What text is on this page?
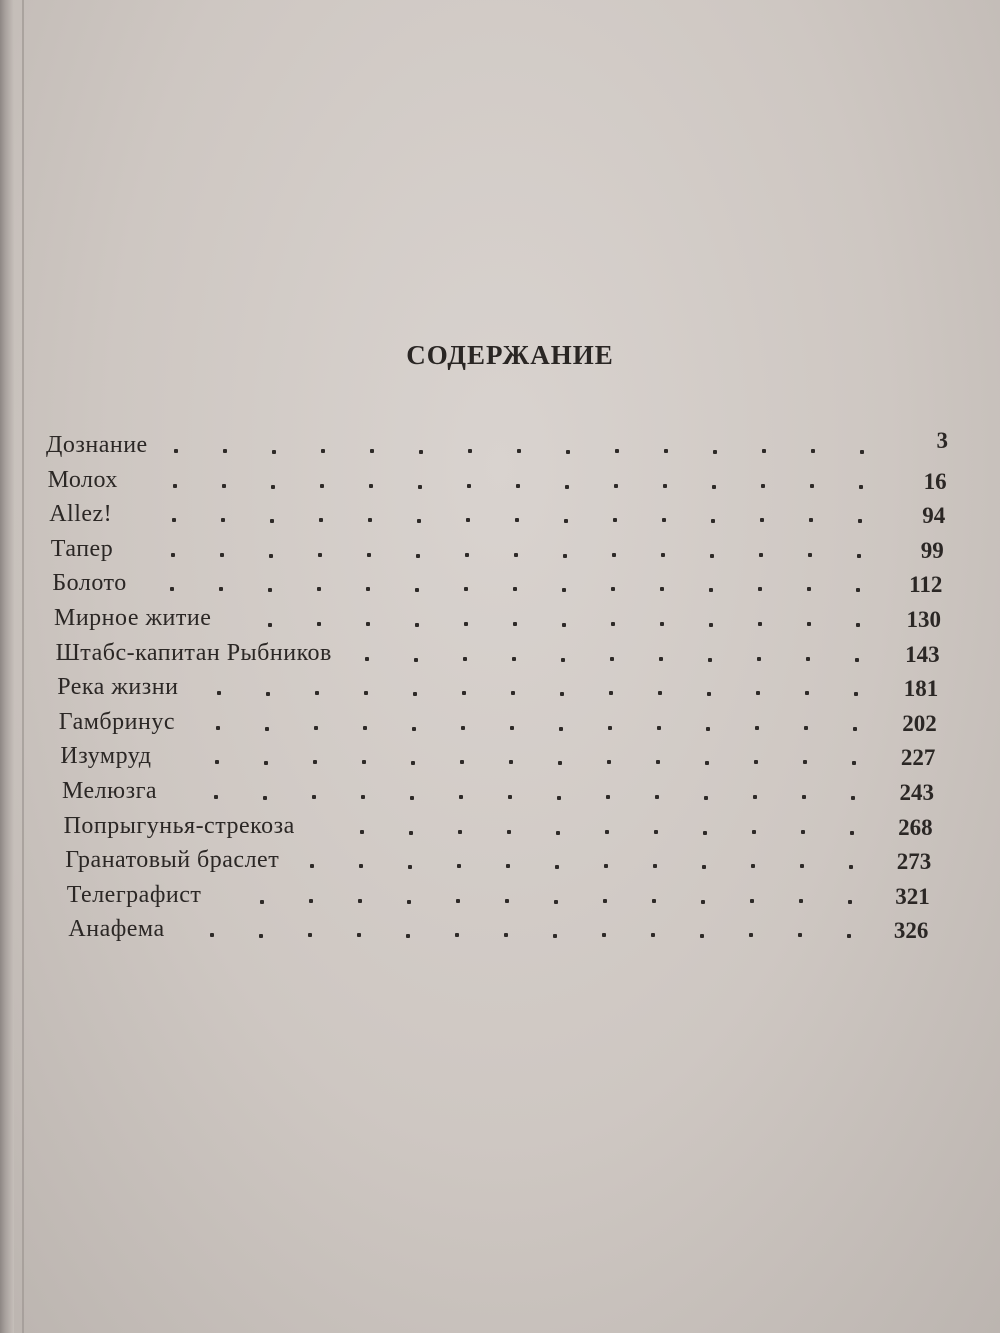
СОДЕРЖАНИЕ
Дознание	3
Молох	16
Allez!	94
Тапер	99
Болото	112
Мирное житие	130
Штабс-капитан Рыбников	143
Река жизни	181
Гамбринус	202
Изумруд	227
Мелюзга	243
Попрыгунья-стрекоза	268
Гранатовый браслет	273
Телеграфист	321
Анафема	326
